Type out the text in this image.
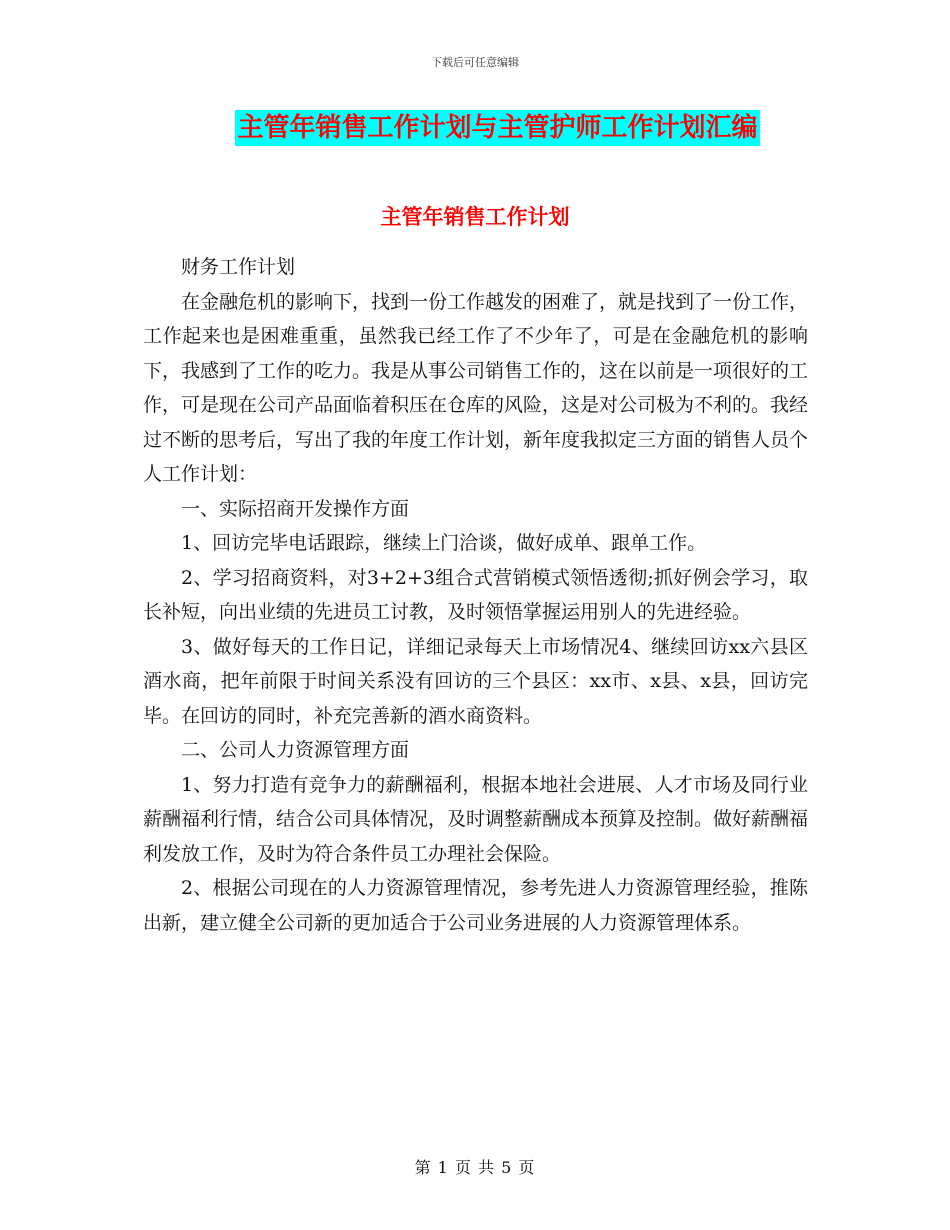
下载后可任意编辑
主管年销售工作计划与主管护师工作计划汇编
主管年销售工作计划

财务工作计划

在金融危机的影响下，找到一份工作越发的困难了，就是找到了一份工作，工作起来也是困难重重，虽然我已经工作了不少年了，可是在金融危机的影响下，我感到了工作的吃力。我是从事公司销售工作的，这在以前是一项很好的工作，可是现在公司产品面临着积压在仓库的风险，这是对公司极为不利的。我经过不断的思考后，写出了我的年度工作计划，新年度我拟定三方面的销售人员个人工作计划：

一、实际招商开发操作方面

1、回访完毕电话跟踪，继续上门洽谈，做好成单、跟单工作。

2、学习招商资料，对3+2+3组合式营销模式领悟透彻;抓好例会学习，取长补短，向出业绩的先进员工讨教，及时领悟掌握运用别人的先进经验。

3、做好每天的工作日记，详细记录每天上市场情况4、继续回访xx六县区酒水商，把年前限于时间关系没有回访的三个县区：xx市、x县、x县，回访完毕。在回访的同时，补充完善新的酒水商资料。

二、公司人力资源管理方面

1、努力打造有竞争力的薪酬福利，根据本地社会进展、人才市场及同行业薪酬福利行情，结合公司具体情况，及时调整薪酬成本预算及控制。做好薪酬福利发放工作，及时为符合条件员工办理社会保险。

2、根据公司现在的人力资源管理情况，参考先进人力资源管理经验，推陈出新，建立健全公司新的更加适合于公司业务进展的人力资源管理体系。

第 1 页 共 5 页
